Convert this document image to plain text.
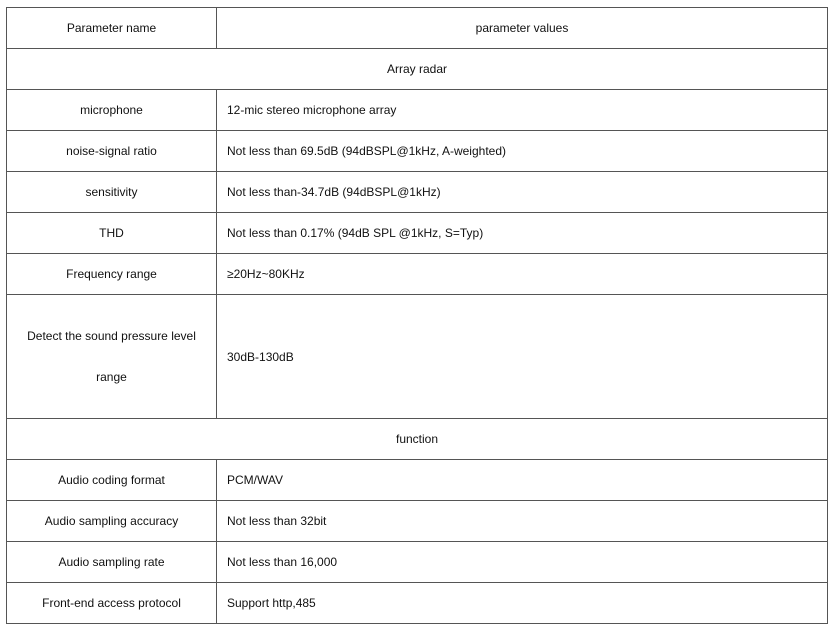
Parameter name	parameter values
Array radar	
microphone	12-mic stereo microphone array
noise-signal ratio	Not less than 69.5dB (94dBSPL@1kHz, A-weighted)
sensitivity	Not less than-34.7dB (94dBSPL@1kHz)
THD	Not less than 0.17% (94dB SPL @1kHz, S=Typ)
Frequency range	≥20Hz~80KHz
Detect the sound pressure level range	30dB-130dB
function	
Audio coding format	PCM/WAV
Audio sampling accuracy	Not less than 32bit
Audio sampling rate	Not less than 16,000
Front-end access protocol	Support http,485
